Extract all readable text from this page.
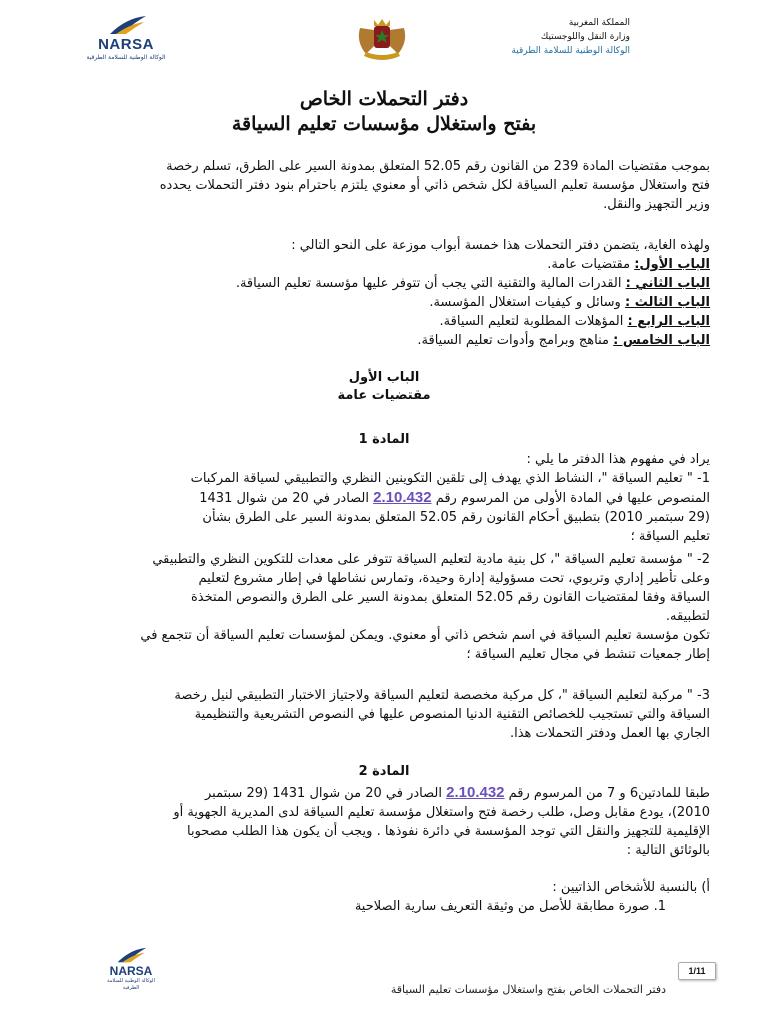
NARSA
الوكالة الوطنية للسلامة الطرقية
المملكة المغربية
وزارة النقل واللوجستيك
الوكالة الوطنية للسلامة الطرقية
دفتر التحملات الخاص
بفتح واستغلال مؤسسات تعليم السياقة
بموجب مقتضيات المادة 239 من القانون رقم 52.05 المتعلق بمدونة السير على الطرق، تسلم رخصة
فتح واستغلال مؤسسة تعليم السياقة لكل شخص ذاتي أو معنوي يلتزم باحترام بنود دفتر التحملات يحدده
وزير التجهيز والنقل.
ولهذه الغاية، يتضمن دفتر التحملات هذا خمسة أبواب موزعة على النحو التالي :
الباب الأول: مقتضيات عامة.
الباب الثاني : القدرات المالية والتقنية التي يجب أن تتوفر عليها مؤسسة تعليم السياقة.
الباب الثالث : وسائل و كيفيات استغلال المؤسسة.
الباب الرابع : المؤهلات المطلوبة لتعليم السياقة.
الباب الخامس : مناهج وبرامج وأدوات تعليم السياقة.
الباب الأول
مقتضيات عامة
المادة 1
يراد في مفهوم هذا الدفتر ما يلي :
1- " تعليم السياقة "، النشاط الذي يهدف إلى تلقين التكوينين النظري والتطبيقي لسياقة المركبات
المنصوص عليها في المادة الأولى من المرسوم رقم 2.10.432 الصادر في 20 من شوال 1431
(29 سبتمبر 2010) بتطبيق أحكام القانون رقم 52.05 المتعلق بمدونة السير على الطرق بشأن
تعليم السياقة ؛
2- " مؤسسة تعليم السياقة "، كل بنية مادية لتعليم السياقة تتوفر على معدات للتكوين النظري والتطبيقي
وعلى تأطير إداري وتربوي، تحت مسؤولية إدارة وحيدة، وتمارس نشاطها في إطار مشروع لتعليم
السياقة وفقا لمقتضيات القانون رقم 52.05 المتعلق بمدونة السير على الطرق والنصوص المتخذة
لتطبيقه.
تكون مؤسسة تعليم السياقة في اسم شخص ذاتي أو معنوي. ويمكن لمؤسسات تعليم السياقة أن تتجمع في
إطار جمعيات تنشط في مجال تعليم السياقة ؛
3- " مركبة لتعليم السياقة "، كل مركبة مخصصة لتعليم السياقة ولاجتياز الاختبار التطبيقي لنيل رخصة
السياقة والتي تستجيب للخصائص التقنية الدنيا المنصوص عليها في النصوص التشريعية والتنظيمية
الجاري بها العمل ودفتر التحملات هذا.
المادة 2
طبقا للمادتين6 و 7 من المرسوم رقم 2.10.432 الصادر في 20 من شوال 1431 (29 سبتمبر
2010)، يودع مقابل وصل، طلب رخصة فتح واستغلال مؤسسة تعليم السياقة لدى المديرية الجهوية أو
الإقليمية للتجهيز والنقل التي توجد المؤسسة في دائرة نفوذها . ويجب أن يكون هذا الطلب مصحوبا
بالوثائق التالية :
أ) بالنسبة للأشخاص الذاتيين :
1. صورة مطابقة للأصل من وثيقة التعريف سارية الصلاحية
NARSA
الوكالة الوطنية للسلامة الطرقية
1/11
دفتر التحملات الخاص بفتح واستغلال مؤسسات تعليم السياقة
